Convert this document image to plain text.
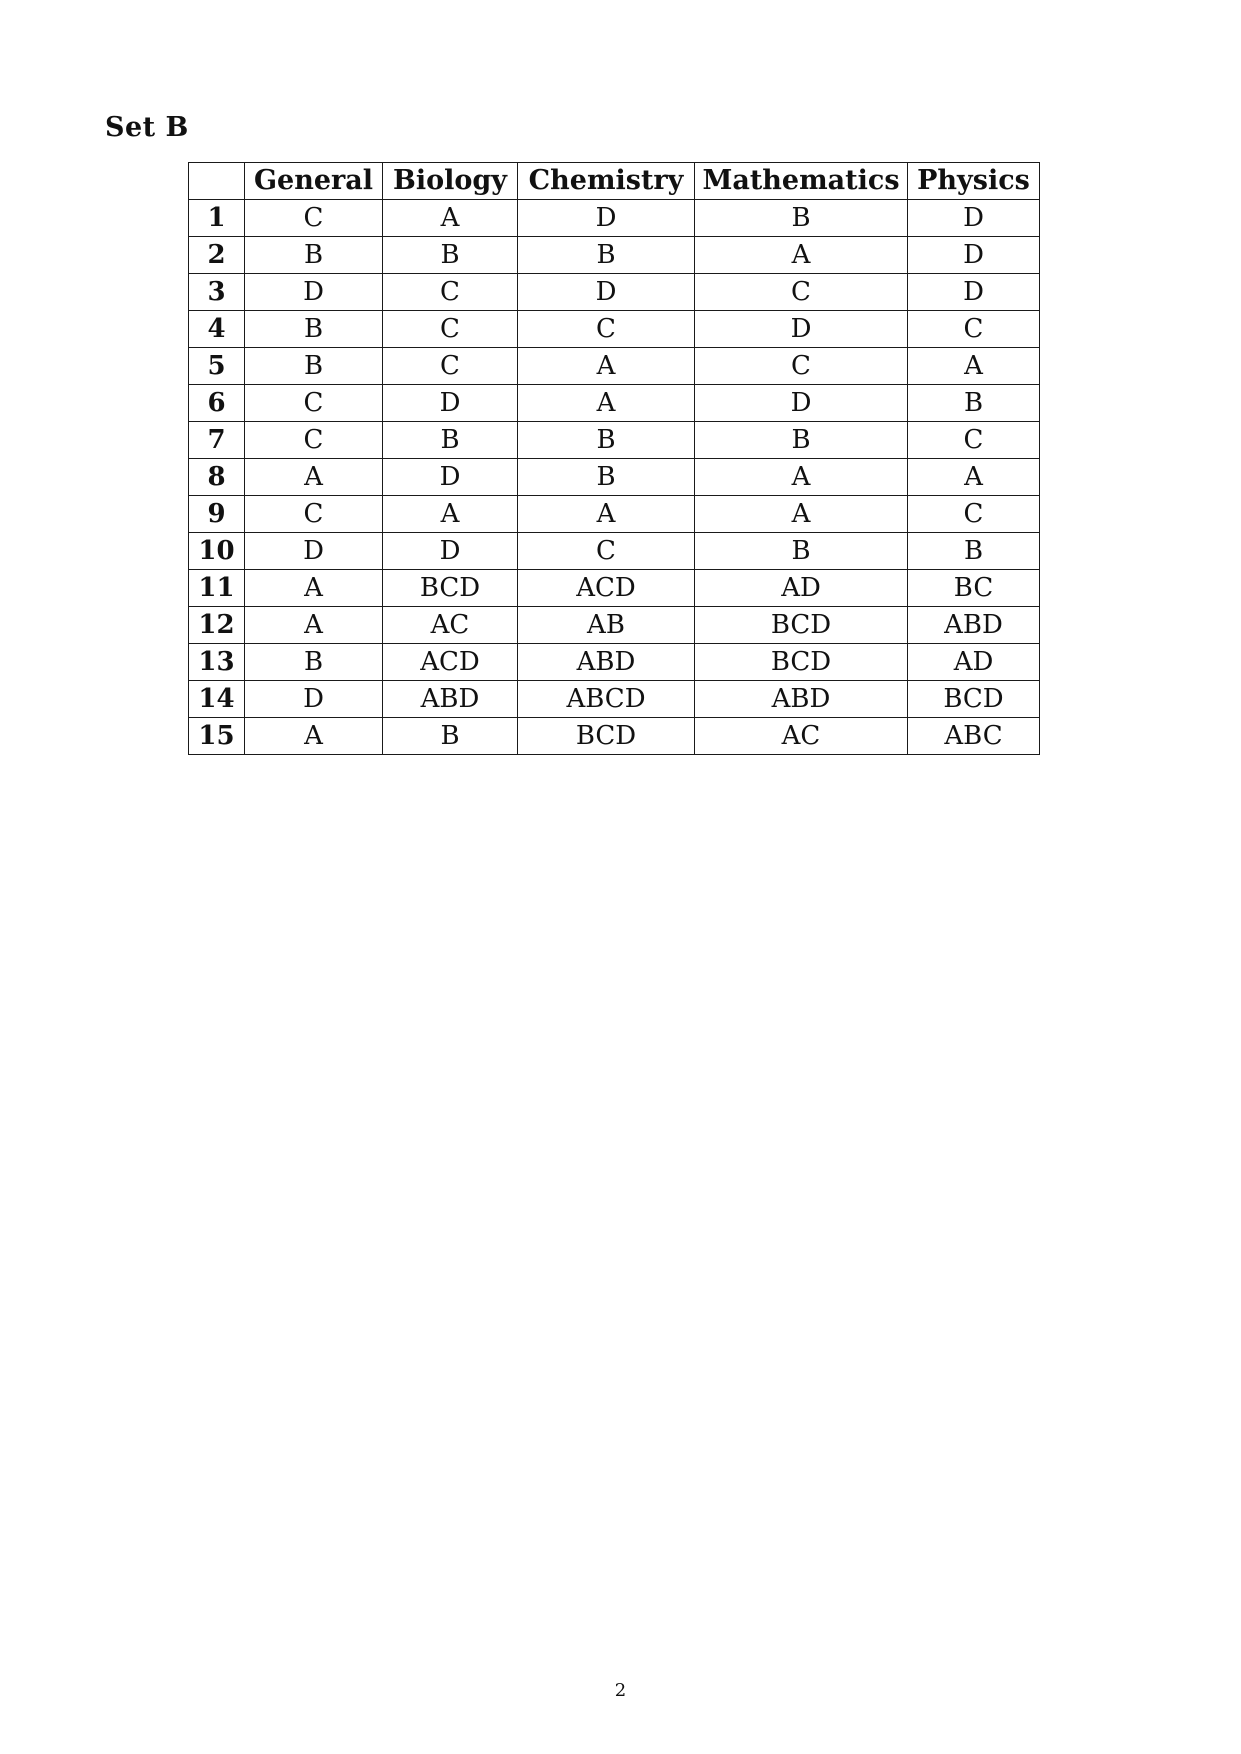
Set B
	General	Biology	Chemistry	Mathematics	Physics
1	C	A	D	B	D
2	B	B	B	A	D
3	D	C	D	C	D
4	B	C	C	D	C
5	B	C	A	C	A
6	C	D	A	D	B
7	C	B	B	B	C
8	A	D	B	A	A
9	C	A	A	A	C
10	D	D	C	B	B
11	A	BCD	ACD	AD	BC
12	A	AC	AB	BCD	ABD
13	B	ACD	ABD	BCD	AD
14	D	ABD	ABCD	ABD	BCD
15	A	B	BCD	AC	ABC
2
